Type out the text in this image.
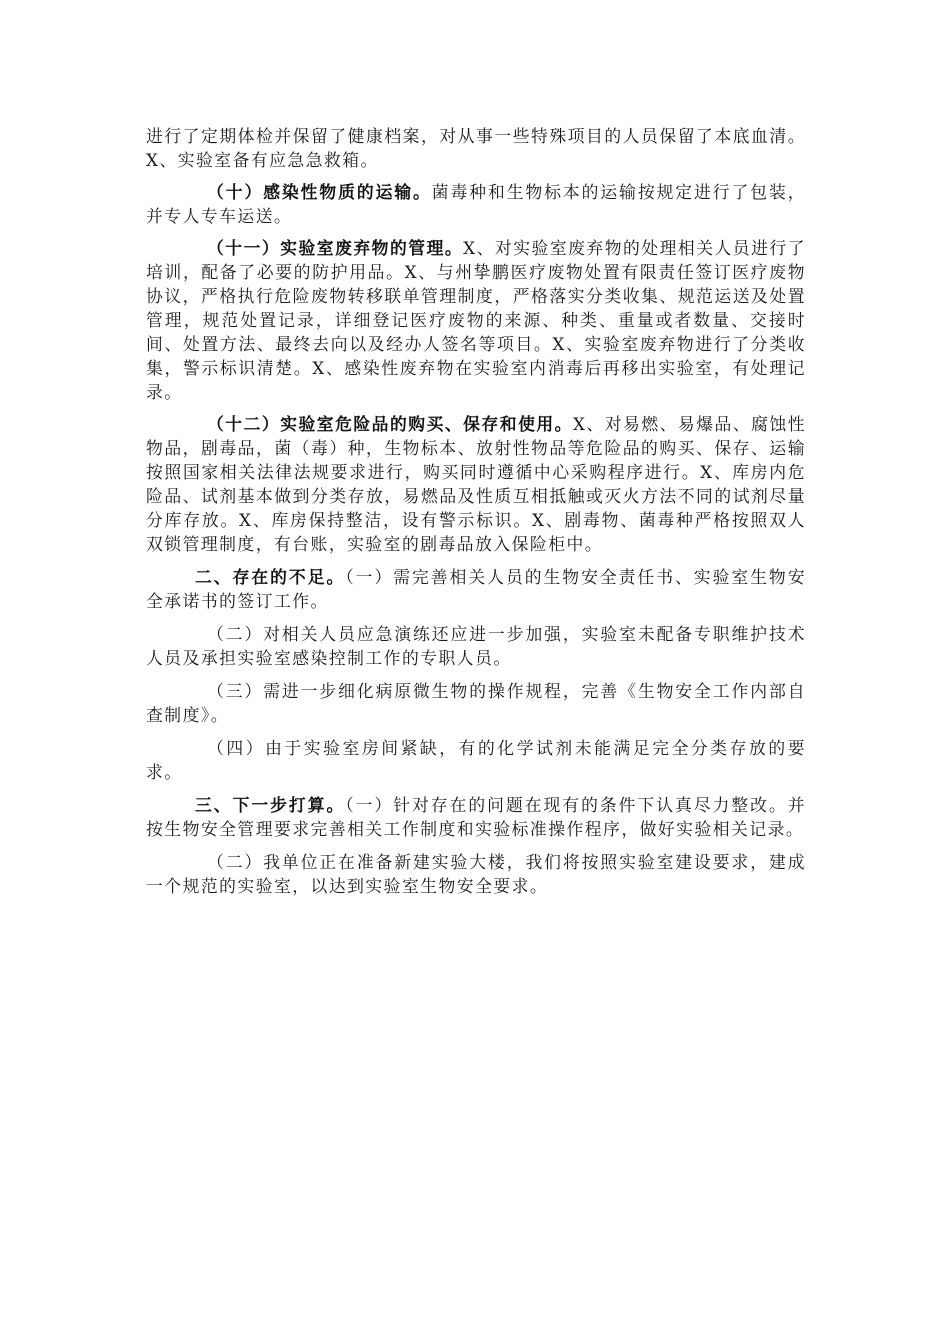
进行了定期体检并保留了健康档案，对从事一些特殊项目的人员保留了本底血清。X、实验室备有应急急救箱。

（十）感染性物质的运输。菌毒种和生物标本的运输按规定进行了包装，并专人专车运送。

（十一）实验室废弃物的管理。X、对实验室废弃物的处理相关人员进行了培训，配备了必要的防护用品。X、与州挚鹏医疗废物处置有限责任签订医疗废物协议，严格执行危险废物转移联单管理制度，严格落实分类收集、规范运送及处置管理，规范处置记录，详细登记医疗废物的来源、种类、重量或者数量、交接时间、处置方法、最终去向以及经办人签名等项目。X、实验室废弃物进行了分类收集，警示标识清楚。X、感染性废弃物在实验室内消毒后再移出实验室，有处理记录。

（十二）实验室危险品的购买、保存和使用。X、对易燃、易爆品、腐蚀性物品，剧毒品，菌（毒）种，生物标本、放射性物品等危险品的购买、保存、运输按照国家相关法律法规要求进行，购买同时遵循中心采购程序进行。X、库房内危险品、试剂基本做到分类存放，易燃品及性质互相抵触或灭火方法不同的试剂尽量分库存放。X、库房保持整洁，设有警示标识。X、剧毒物、菌毒种严格按照双人双锁管理制度，有台账，实验室的剧毒品放入保险柜中。

二、存在的不足。（一）需完善相关人员的生物安全责任书、实验室生物安全承诺书的签订工作。

（二）对相关人员应急演练还应进一步加强，实验室未配备专职维护技术人员及承担实验室感染控制工作的专职人员。

（三）需进一步细化病原微生物的操作规程，完善《生物安全工作内部自查制度》。

（四）由于实验室房间紧缺，有的化学试剂未能满足完全分类存放的要求。

三、下一步打算。（一）针对存在的问题在现有的条件下认真尽力整改。并按生物安全管理要求完善相关工作制度和实验标准操作程序，做好实验相关记录。

（二）我单位正在准备新建实验大楼，我们将按照实验室建设要求，建成一个规范的实验室，以达到实验室生物安全要求。
